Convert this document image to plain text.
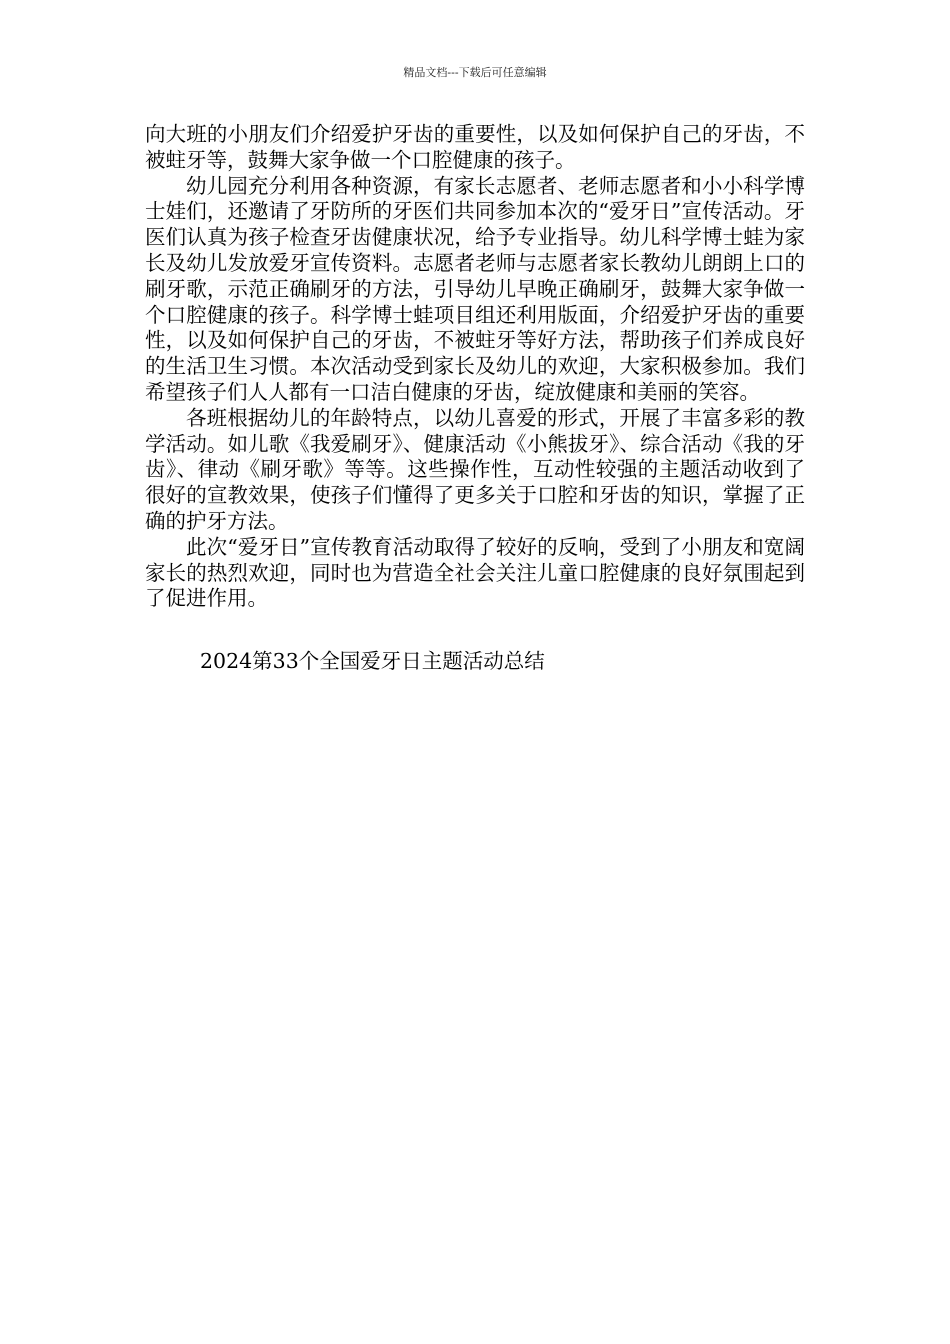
精品文档---下载后可任意编辑

向大班的小朋友们介绍爱护牙齿的重要性，以及如何保护自己的牙齿，不被蛀牙等，鼓舞大家争做一个口腔健康的孩子。

幼儿园充分利用各种资源，有家长志愿者、老师志愿者和小小科学博士娃们，还邀请了牙防所的牙医们共同参加本次的“爱牙日”宣传活动。牙医们认真为孩子检查牙齿健康状况，给予专业指导。幼儿科学博士蛙为家长及幼儿发放爱牙宣传资料。志愿者老师与志愿者家长教幼儿朗朗上口的刷牙歌，示范正确刷牙的方法，引导幼儿早晚正确刷牙，鼓舞大家争做一个口腔健康的孩子。科学博士蛙项目组还利用版面，介绍爱护牙齿的重要性，以及如何保护自己的牙齿，不被蛀牙等好方法，帮助孩子们养成良好的生活卫生习惯。本次活动受到家长及幼儿的欢迎，大家积极参加。我们希望孩子们人人都有一口洁白健康的牙齿，绽放健康和美丽的笑容。

各班根据幼儿的年龄特点，以幼儿喜爱的形式，开展了丰富多彩的教学活动。如儿歌《我爱刷牙》、健康活动《小熊拔牙》、综合活动《我的牙齿》、律动《刷牙歌》等等。这些操作性，互动性较强的主题活动收到了很好的宣教效果，使孩子们懂得了更多关于口腔和牙齿的知识，掌握了正确的护牙方法。

此次“爱牙日”宣传教育活动取得了较好的反响，受到了小朋友和宽阔家长的热烈欢迎，同时也为营造全社会关注儿童口腔健康的良好氛围起到了促进作用。

2024第33个全国爱牙日主题活动总结
